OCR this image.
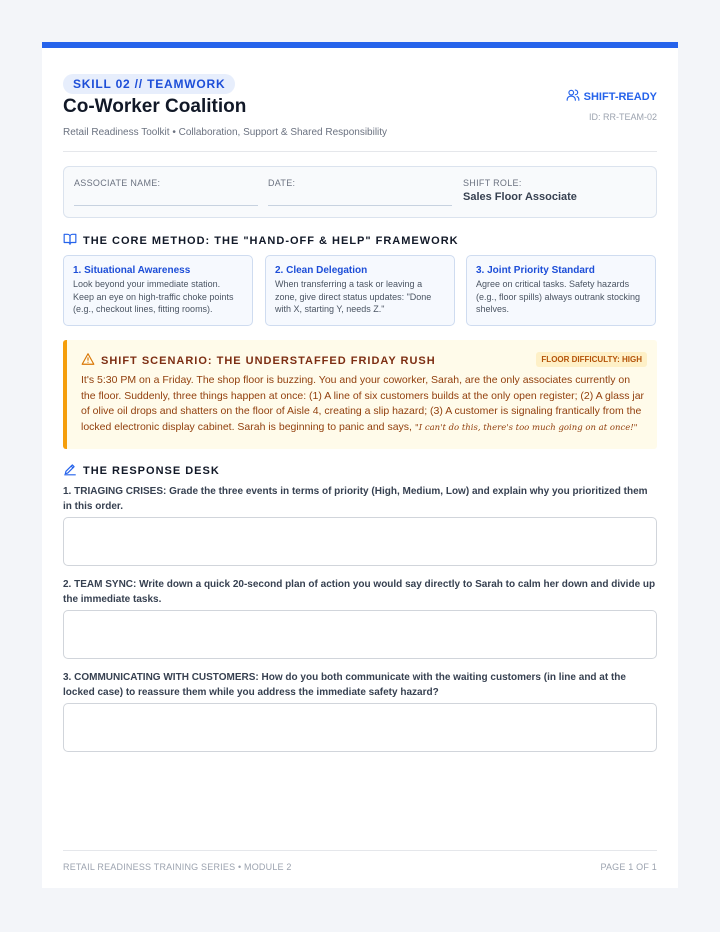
SKILL 02 // TEAMWORK
Co-Worker Coalition
Retail Readiness Toolkit • Collaboration, Support & Shared Responsibility
SHIFT-READY
ID: RR-TEAM-02
ASSOCIATE NAME:	DATE:	SHIFT ROLE:
Sales Floor Associate
THE CORE METHOD: THE "HAND-OFF & HELP" FRAMEWORK
1. Situational Awareness
Look beyond your immediate station. Keep an eye on high-traffic choke points (e.g., checkout lines, fitting rooms).
2. Clean Delegation
When transferring a task or leaving a zone, give direct status updates: "Done with X, starting Y, needs Z."
3. Joint Priority Standard
Agree on critical tasks. Safety hazards (e.g., floor spills) always outrank stocking shelves.
SHIFT SCENARIO: THE UNDERSTAFFED FRIDAY RUSH	FLOOR DIFFICULTY: HIGH
It's 5:30 PM on a Friday. The shop floor is buzzing. You and your coworker, Sarah, are the only associates currently on the floor. Suddenly, three things happen at once: (1) A line of six customers builds at the only open register; (2) A glass jar of olive oil drops and shatters on the floor of Aisle 4, creating a slip hazard; (3) A customer is signaling frantically from the locked electronic display cabinet. Sarah is beginning to panic and says, "I can't do this, there's too much going on at once!"
THE RESPONSE DESK
1. TRIAGING CRISES: Grade the three events in terms of priority (High, Medium, Low) and explain why you prioritized them in this order.
2. TEAM SYNC: Write down a quick 20-second plan of action you would say directly to Sarah to calm her down and divide up the immediate tasks.
3. COMMUNICATING WITH CUSTOMERS: How do you both communicate with the waiting customers (in line and at the locked case) to reassure them while you address the immediate safety hazard?
RETAIL READINESS TRAINING SERIES • MODULE 2	PAGE 1 OF 1
